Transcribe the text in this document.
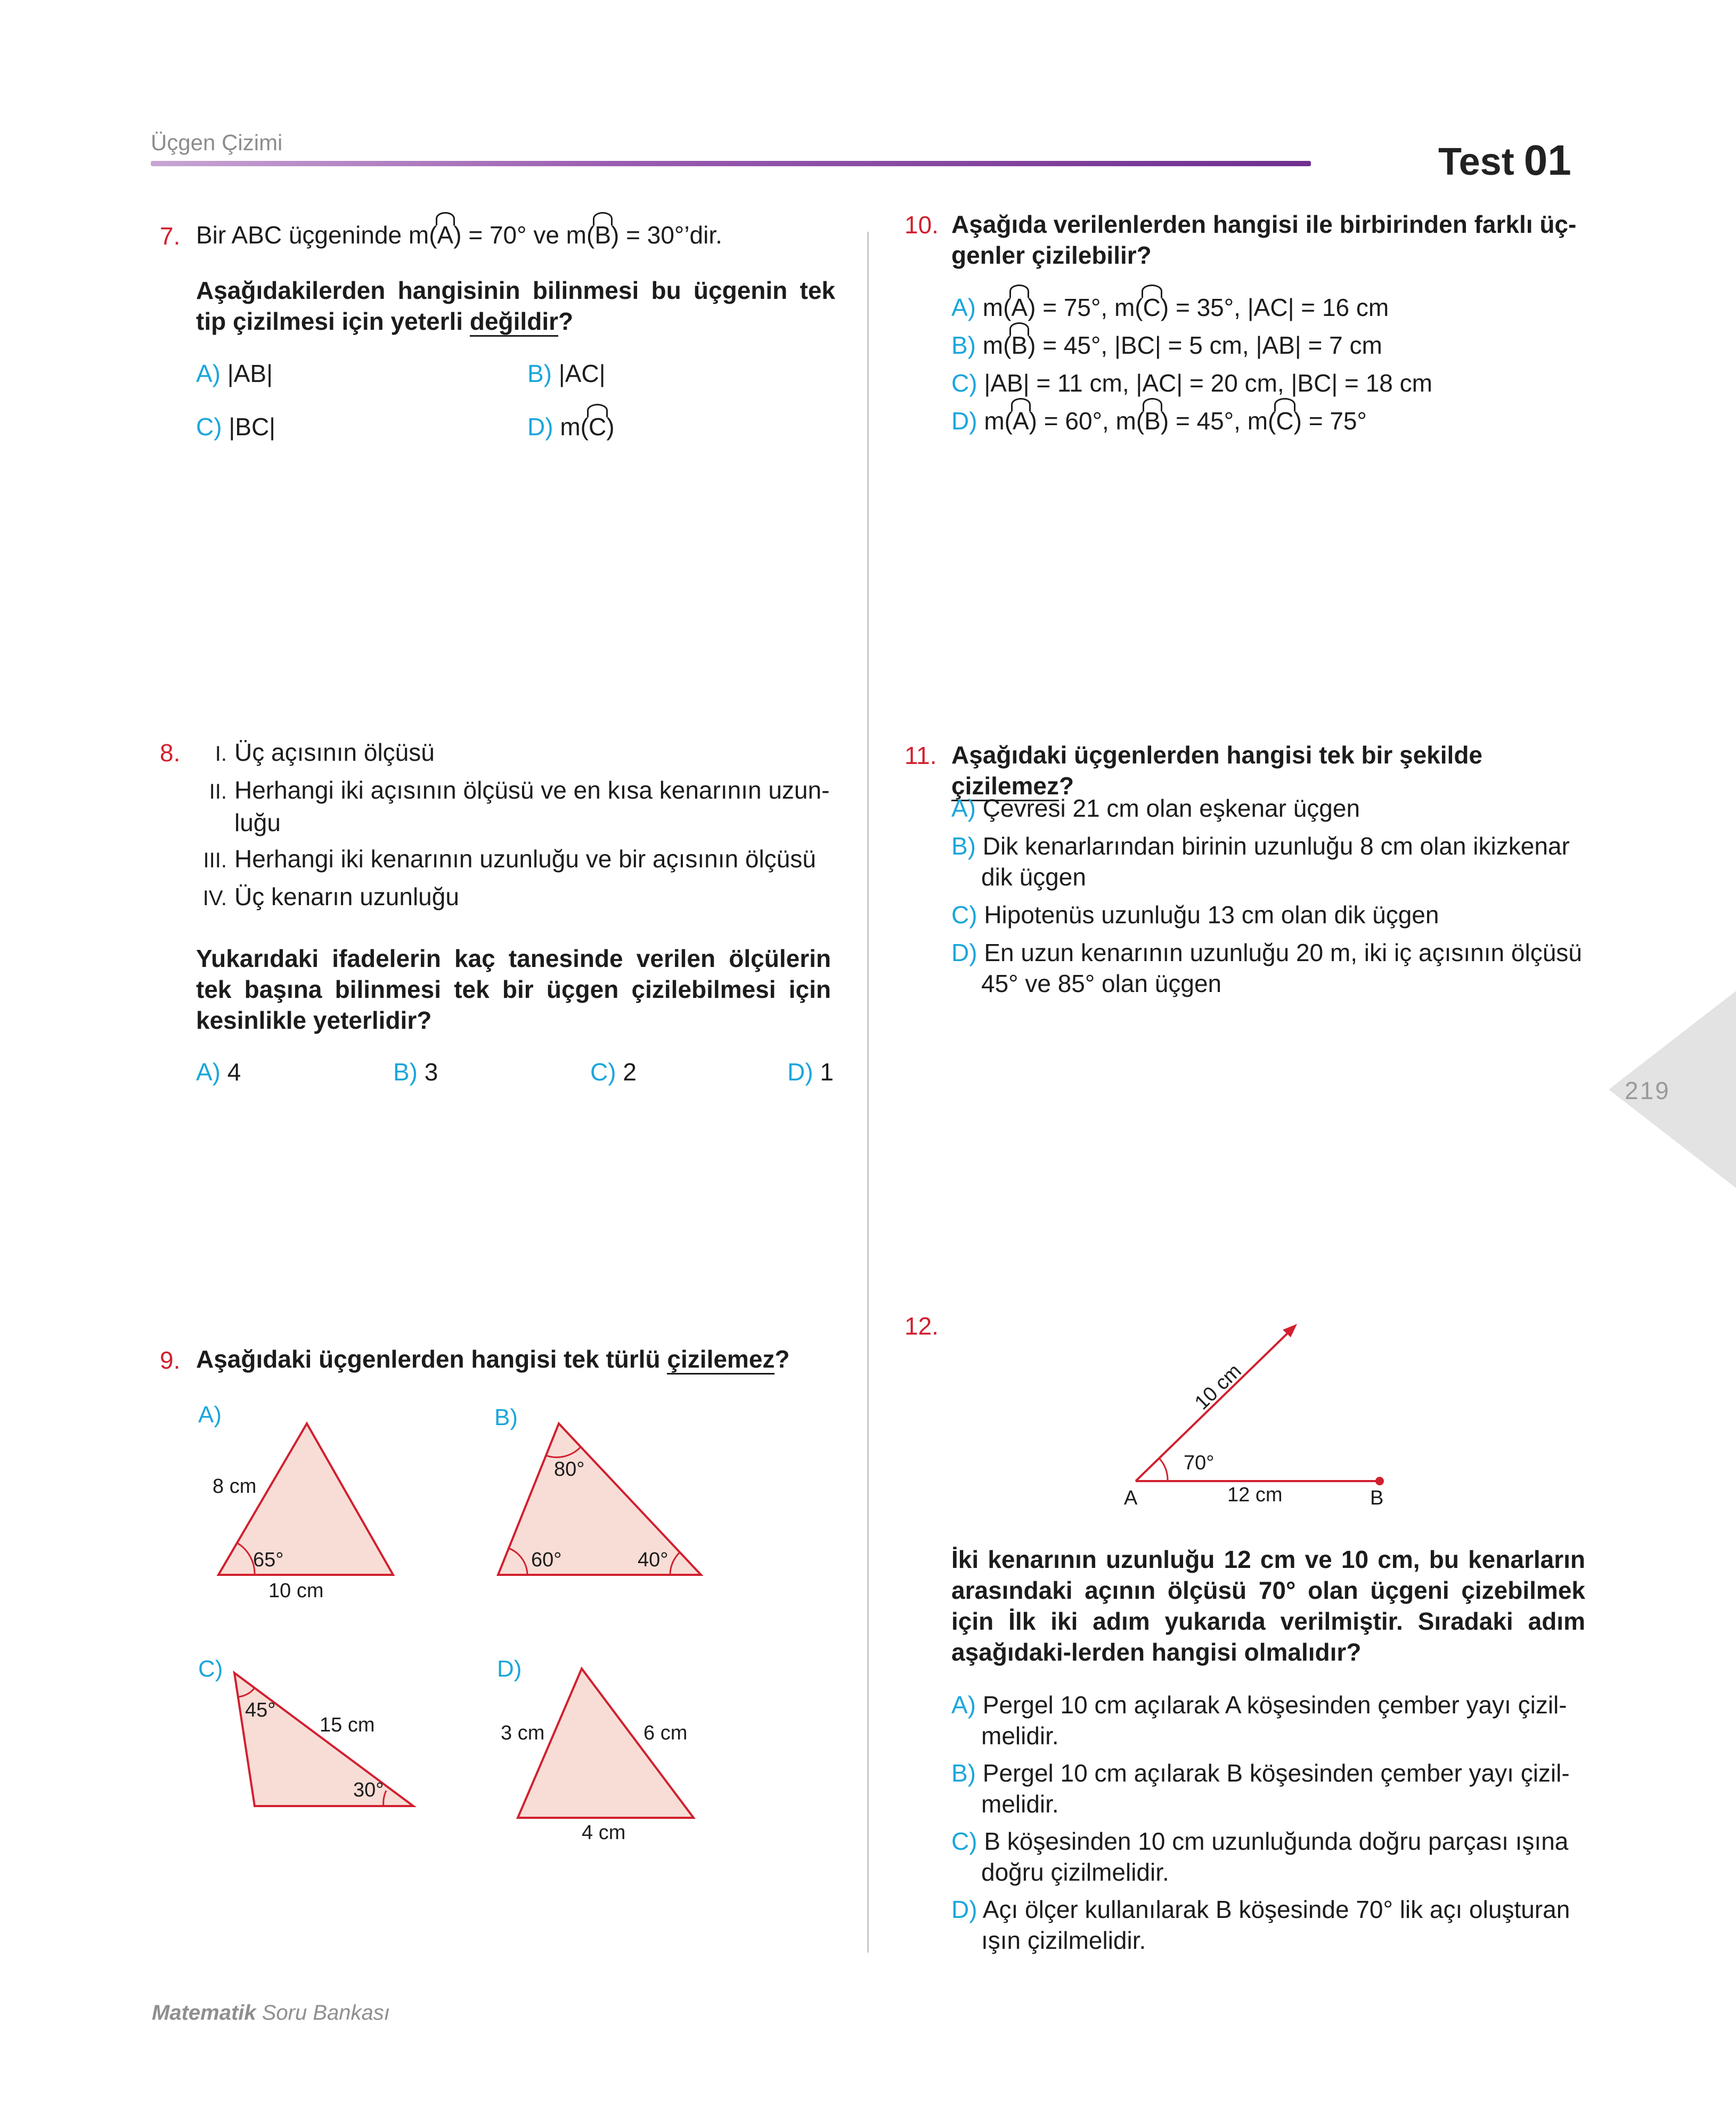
Üçgen Çizimi	Test 01
7. Bir ABC üçgeninde m(A) = 70° ve m(B) = 30°’dir.
Aşağıdakilerden hangisinin bilinmesi bu üçgenin tek tip çizilmesi için yeterli değildir?
A) |AB|	B) |AC|
C) |BC|	D) m(C)
8.	I. Üç açısının ölçüsü
II. Herhangi iki açısının ölçüsü ve en kısa kenarının uzun-
luğu
III. Herhangi iki kenarının uzunluğu ve bir açısının ölçüsü
IV. Üç kenarın uzunluğu
Yukarıdaki ifadelerin kaç tanesinde verilen ölçülerin tek başına bilinmesi tek bir üçgen çizilebilmesi için kesinlikle yeterlidir?
A) 4	B) 3	C) 2	D) 1
9. Aşağıdaki üçgenlerden hangisi tek türlü çizilemez?
A)
8 cm
65°
10 cm
B)
80°
60°	40°
C)
45°
15 cm
30°
D)
3 cm	6 cm
4 cm
10. Aşağıda verilenlerden hangisi ile birbirinden farklı üç-
genler çizilebilir?
A) m(A) = 75°, m(C) = 35°, |AC| = 16 cm
B) m(B) = 45°, |BC| = 5 cm, |AB| = 7 cm
C) |AB| = 11 cm, |AC| = 20 cm, |BC| = 18 cm
D) m(A) = 60°, m(B) = 45°, m(C) = 75°
11. Aşağıdaki üçgenlerden hangisi tek bir şekilde çizilemez?
A) Çevresi 21 cm olan eşkenar üçgen
B) Dik kenarlarından birinin uzunluğu 8 cm olan ikizkenar
dik üçgen
C) Hipotenüs uzunluğu 13 cm olan dik üçgen
D) En uzun kenarının uzunluğu 20 m, iki iç açısının ölçüsü
45° ve 85° olan üçgen
219
12.
70°
A	B
12 cm
10 cm
İki kenarının uzunluğu 12 cm ve 10 cm, bu kenarların arasındaki açının ölçüsü 70° olan üçgeni çizebilmek için İlk iki adım yukarıda verilmiştir. Sıradaki adım aşağıdaki-lerden hangisi olmalıdır?
A) Pergel 10 cm açılarak A köşesinden çember yayı çizil-
melidir.
B) Pergel 10 cm açılarak B köşesinden çember yayı çizil-
melidir.
C) B köşesinden 10 cm uzunluğunda doğru parçası ışına
doğru çizilmelidir.
D) Açı ölçer kullanılarak B köşesinde 70° lik açı oluşturan
ışın çizilmelidir.
Matematik Soru Bankası
